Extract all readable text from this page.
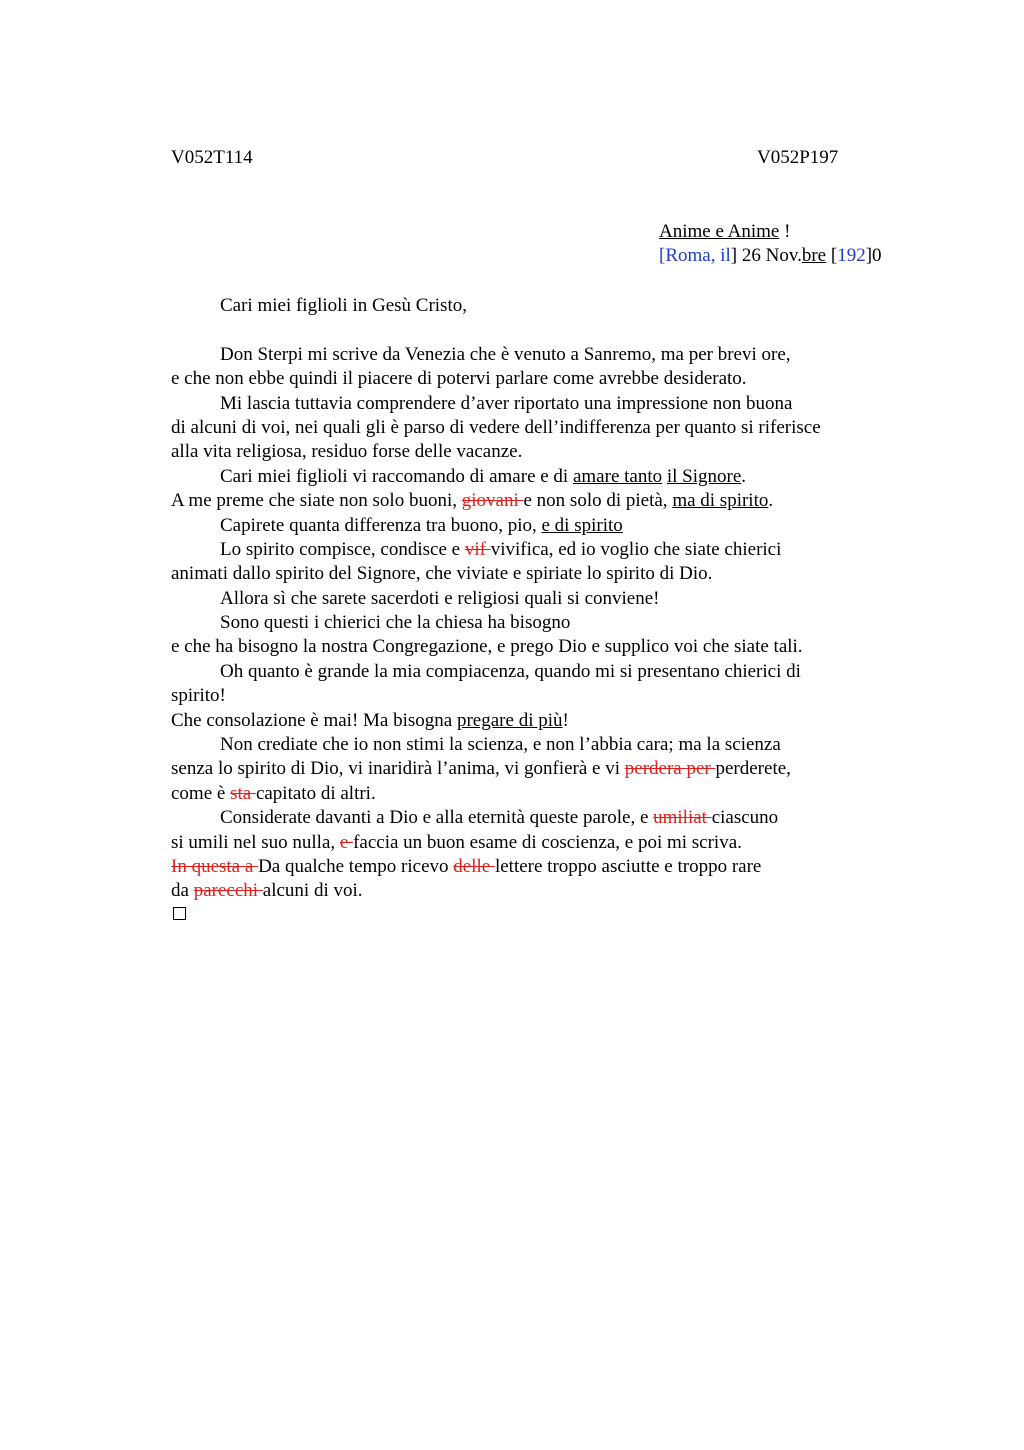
V052T114	V052P197
Anime e Anime !
[Roma, il] 26 Nov.bre [192]0
Cari miei figlioli in Gesù Cristo,
Don Sterpi mi scrive da Venezia che è venuto a Sanremo, ma per brevi ore,
e che non ebbe quindi il piacere di potervi parlare come avrebbe desiderato.
Mi lascia tuttavia comprendere d’aver riportato una impressione non buona
di alcuni di voi, nei quali gli è parso di vedere dell’indifferenza per quanto si riferisce
alla vita religiosa, residuo forse delle vacanze.
Cari miei figlioli vi raccomando di amare e di amare tanto il Signore.
A me preme che siate non solo buoni, giovani e non solo di pietà, ma di spirito.
Capirete quanta differenza tra buono, pio, e di spirito
Lo spirito compisce, condisce e vif vivifica, ed io voglio che siate chierici
animati dallo spirito del Signore, che viviate e spiriate lo spirito di Dio.
Allora sì che sarete sacerdoti e religiosi quali si conviene!
Sono questi i chierici che la chiesa ha bisogno
e che ha bisogno la nostra Congregazione, e prego Dio e supplico voi che siate tali.
Oh quanto è grande la mia compiacenza, quando mi si presentano chierici di
spirito!
Che consolazione è mai! Ma bisogna pregare di più!
Non crediate che io non stimi la scienza, e non l’abbia cara; ma la scienza
senza lo spirito di Dio, vi inaridirà l’anima, vi gonfierà e vi perdera per perderete,
come è sta capitato di altri.
Considerate davanti a Dio e alla eternità queste parole, e umiliat ciascuno
si umili nel suo nulla, e faccia un buon esame di coscienza, e poi mi scriva.
In questa a Da qualche tempo ricevo delle lettere troppo asciutte e troppo rare
da parecchi alcuni di voi.
